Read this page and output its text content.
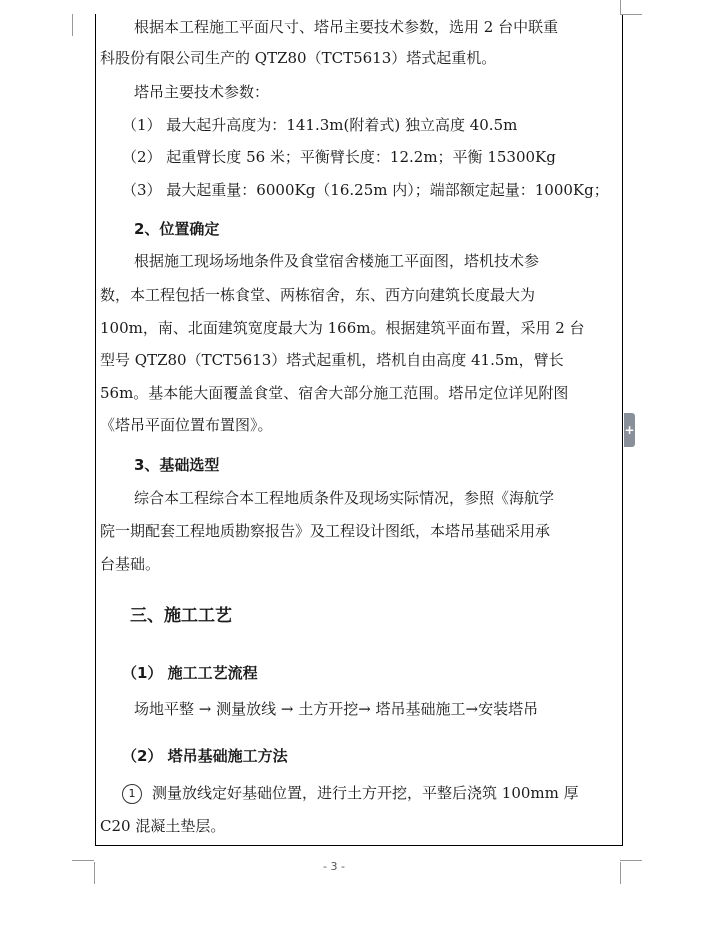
根据本工程施工平面尺寸、塔吊主要技术参数，选用 2 台中联重
科股份有限公司生产的 QTZ80（TCT5613）塔式起重机。
塔吊主要技术参数：
（1） 最大起升高度为：141.3m(附着式) 独立高度 40.5m
（2） 起重臂长度 56 米；平衡臂长度：12.2m；平衡 15300Kg
（3） 最大起重量：6000Kg（16.25m 内）；端部额定起量：1000Kg；
2、位置确定
根据施工现场场地条件及食堂宿舍楼施工平面图，塔机技术参
数，本工程包括一栋食堂、两栋宿舍，东、西方向建筑长度最大为
100m，南、北面建筑宽度最大为 166m。根据建筑平面布置，采用 2 台
型号 QTZ80（TCT5613）塔式起重机，塔机自由高度 41.5m，臂长
56m。基本能大面覆盖食堂、宿舍大部分施工范围。塔吊定位详见附图
《塔吊平面位置布置图》。
3、基础选型
综合本工程综合本工程地质条件及现场实际情况，参照《海航学
院一期配套工程地质勘察报告》及工程设计图纸，本塔吊基础采用承
台基础。
三、施工工艺
（1） 施工工艺流程
场地平整 → 测量放线 → 土方开挖→ 塔吊基础施工→安装塔吊
（2） 塔吊基础施工方法
1 测量放线定好基础位置，进行土方开挖，平整后浇筑 100mm 厚
C20 混凝土垫层。
- 3 -
+
